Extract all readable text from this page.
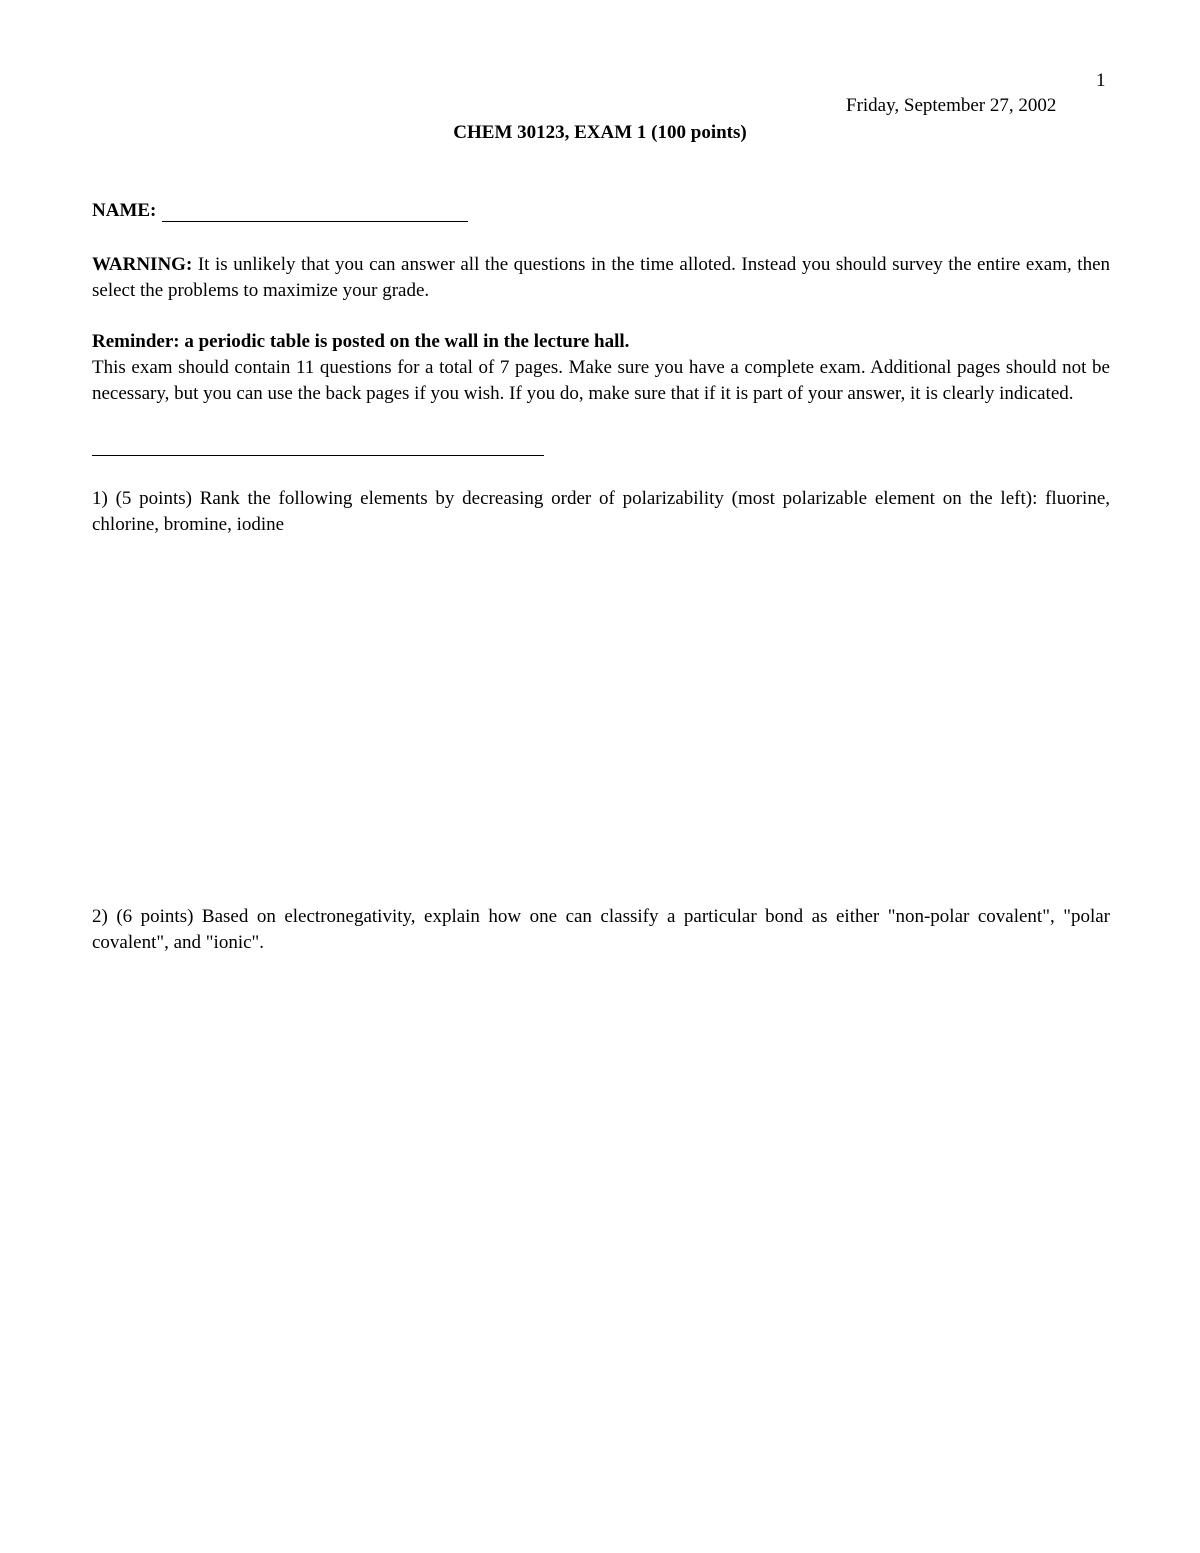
1
Friday, September 27, 2002
CHEM 30123, EXAM 1 (100 points)
NAME:
WARNING: It is unlikely that you can answer all the questions in the time alloted. Instead you should survey the entire exam, then select the problems to maximize your grade.
Reminder: a periodic table is posted on the wall in the lecture hall.
This exam should contain 11 questions for a total of 7 pages. Make sure you have a complete exam. Additional pages should not be necessary, but you can use the back pages if you wish. If you do, make sure that if it is part of your answer, it is clearly indicated.
1) (5 points) Rank the following elements by decreasing order of polarizability (most polarizable element on the left): fluorine, chlorine, bromine, iodine
2) (6 points) Based on electronegativity, explain how one can classify a particular bond as either "non-polar covalent", "polar covalent", and "ionic".
